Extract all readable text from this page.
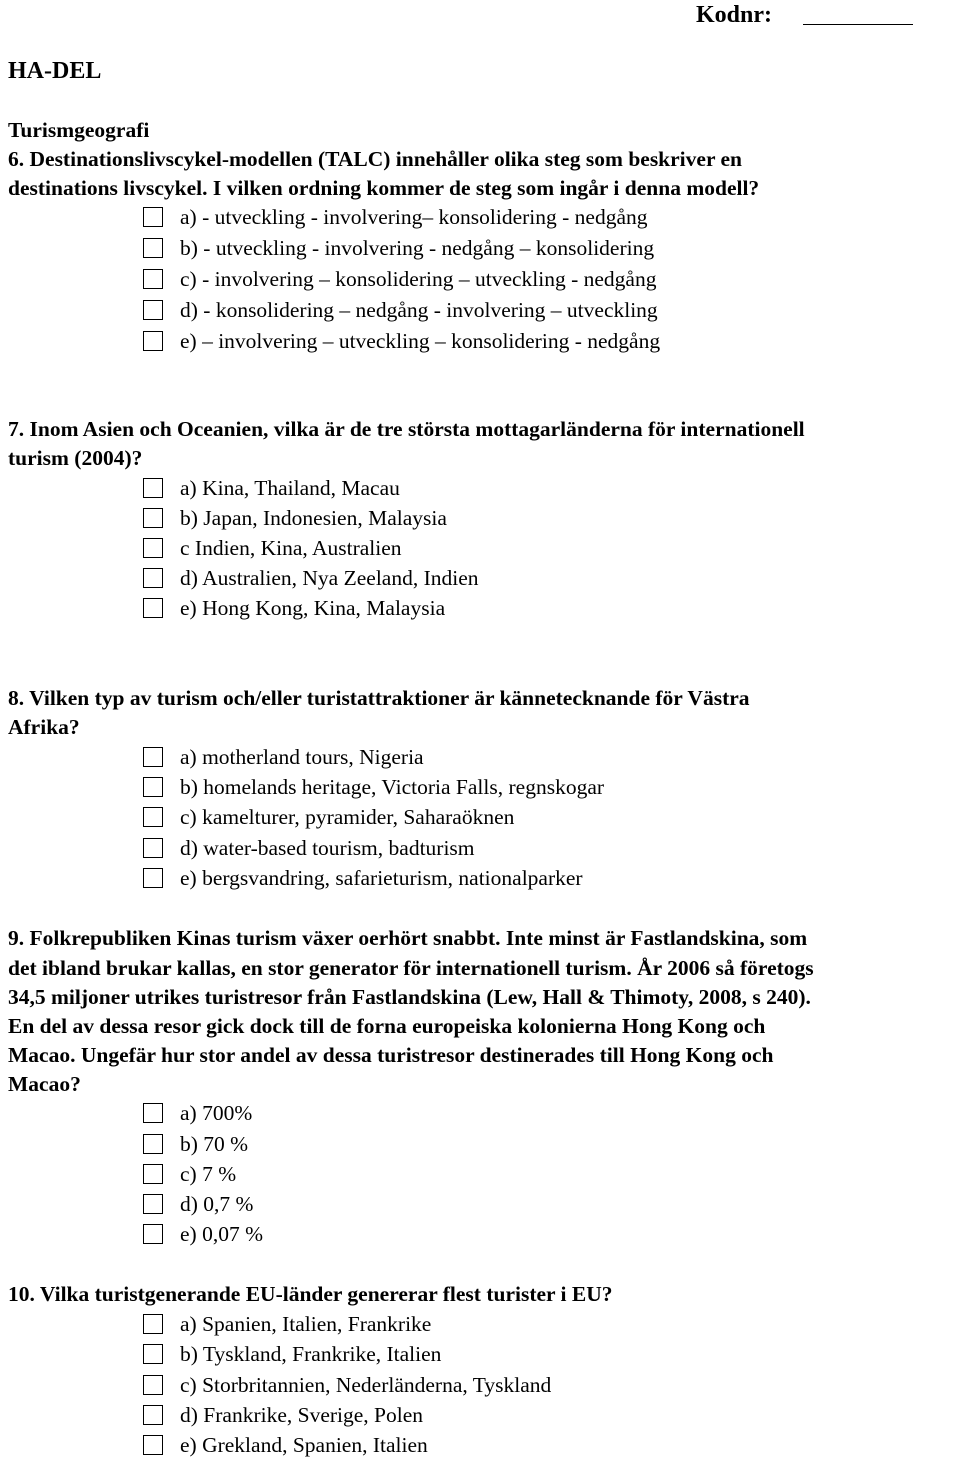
Kodnr:
HA-DEL
Turismgeografi
6. Destinationslivscykel-modellen (TALC) innehåller olika steg som beskriver en
destinations livscykel. I vilken ordning kommer de steg som ingår i denna modell?
a) - utveckling - involvering– konsolidering - nedgång
b) - utveckling - involvering - nedgång – konsolidering
c) - involvering – konsolidering – utveckling - nedgång
d) - konsolidering – nedgång - involvering – utveckling
e) – involvering – utveckling – konsolidering - nedgång
7. Inom Asien och Oceanien, vilka är de tre största mottagarländerna för internationell
turism (2004)?
a) Kina, Thailand, Macau
b) Japan, Indonesien, Malaysia
c Indien, Kina, Australien
d) Australien, Nya Zeeland, Indien
e) Hong Kong, Kina, Malaysia
8. Vilken typ av turism och/eller turistattraktioner är kännetecknande för Västra
Afrika?
a) motherland tours, Nigeria
b) homelands heritage, Victoria Falls, regnskogar
c) kamelturer, pyramider, Saharaöknen
d) water-based tourism, badturism
e) bergsvandring, safarieturism, nationalparker
9. Folkrepubliken Kinas turism växer oerhört snabbt. Inte minst är Fastlandskina, som
det ibland brukar kallas, en stor generator för internationell turism. År 2006 så företogs
34,5 miljoner utrikes turistresor från Fastlandskina (Lew, Hall & Thimoty, 2008, s 240).
En del av dessa resor gick dock till de forna europeiska kolonierna Hong Kong och
Macao. Ungefär hur stor andel av dessa turistresor destinerades till Hong Kong och
Macao?
a) 700%
b) 70 %
c) 7 %
d) 0,7 %
e) 0,07 %
10. Vilka turistgenerande EU-länder genererar flest turister i EU?
a) Spanien, Italien, Frankrike
b) Tyskland, Frankrike, Italien
c) Storbritannien, Nederländerna, Tyskland
d) Frankrike, Sverige, Polen
e) Grekland, Spanien, Italien
